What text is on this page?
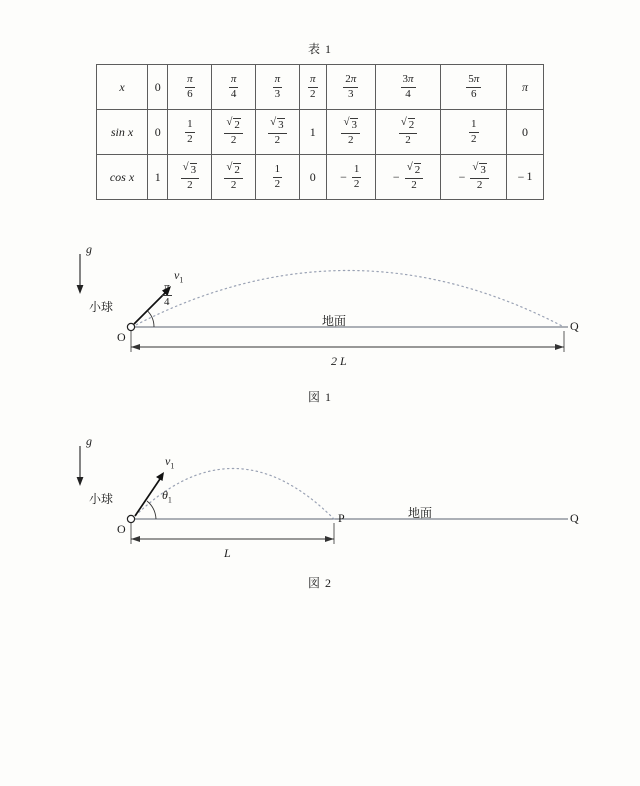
表 1
x	0	$\frac{\pi}{6}$	$\frac{\pi}{4}$	$\frac{\pi}{3}$	$\frac{\pi}{2}$	$\frac{2\pi}{3}$	$\frac{3\pi}{4}$	$\frac{5\pi}{6}$	π
sin x	0	$\frac{1}{2}$	√ $\frac{2}{2}$	√ $\frac{3}{2}$	1	√ $\frac{3}{2}$	√ $\frac{2}{2}$	$\frac{1}{2}$	0
cos x	1	√ $\frac{3}{2}$	√ $\frac{2}{2}$	$\frac{1}{2}$	0	− $\frac{1}{2}$	− √ $\frac{2}{2}$	− √ $\frac{3}{2}$	− 1
g
$v_1$
$\frac{\pi}{4}$
小球
O
地面	Q
2 L
図 1
g
$v_1$
$\theta_1$
小球
O
P	地面	Q
L
図 2
